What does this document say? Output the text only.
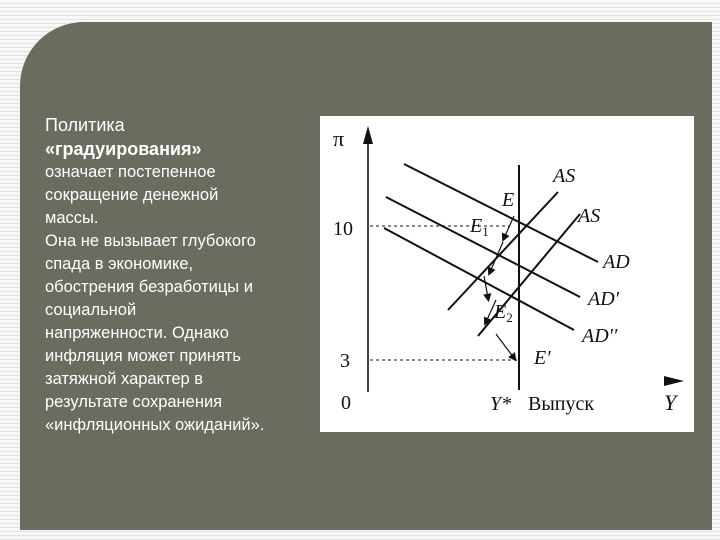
Политика
«градуирования»
означает постепенное
сокращение денежной
массы.
Она не вызывает глубокого
спада в экономике,
обострения безработицы и
социальной
напряженности. Однако
инфляция может принять
затяжной характер в
результате сохранения
«инфляционных ожиданий».
π
Y
0
10
3
Y* Выпуск
AS
AS
AD
AD′
AD′′
E
$E_1$
$E_2$
E′
